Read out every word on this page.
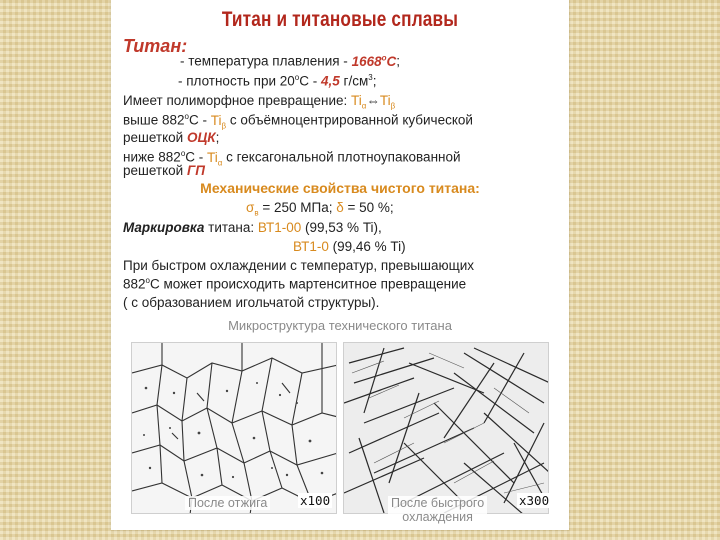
Титан и титановые сплавы
Титан:
- температура плавления - $1668^оС$;
- плотность при $20^оС - 4,5$ $г/см^3$;
Имеет полиморфное превращение: $Ti_\alpha\Leftrightarrow Ti_\beta$
выше $882^оС - Ti_\beta$ с объёмноцентрированной кубической
решеткой ОЦК;
ниже $882^оС - Ti_\alpha$ с гексагональной плотноупакованной
решеткой ГП
Механические свойства чистого титана:
$\sigma_в = 250$ МПа; δ = 50 %;
Маркировка титана: ВТ1-00 (99,53 % Ti),
ВТ1-0 (99,46 % Ti)
При быстром охлаждении с температур, превышающих
$882^оС$ может происходить мартенситное превращение
( с образованием игольчатой структуры).
Микроструктура технического титана
После отжига	x100	После быстрого
охлаждения
x300
